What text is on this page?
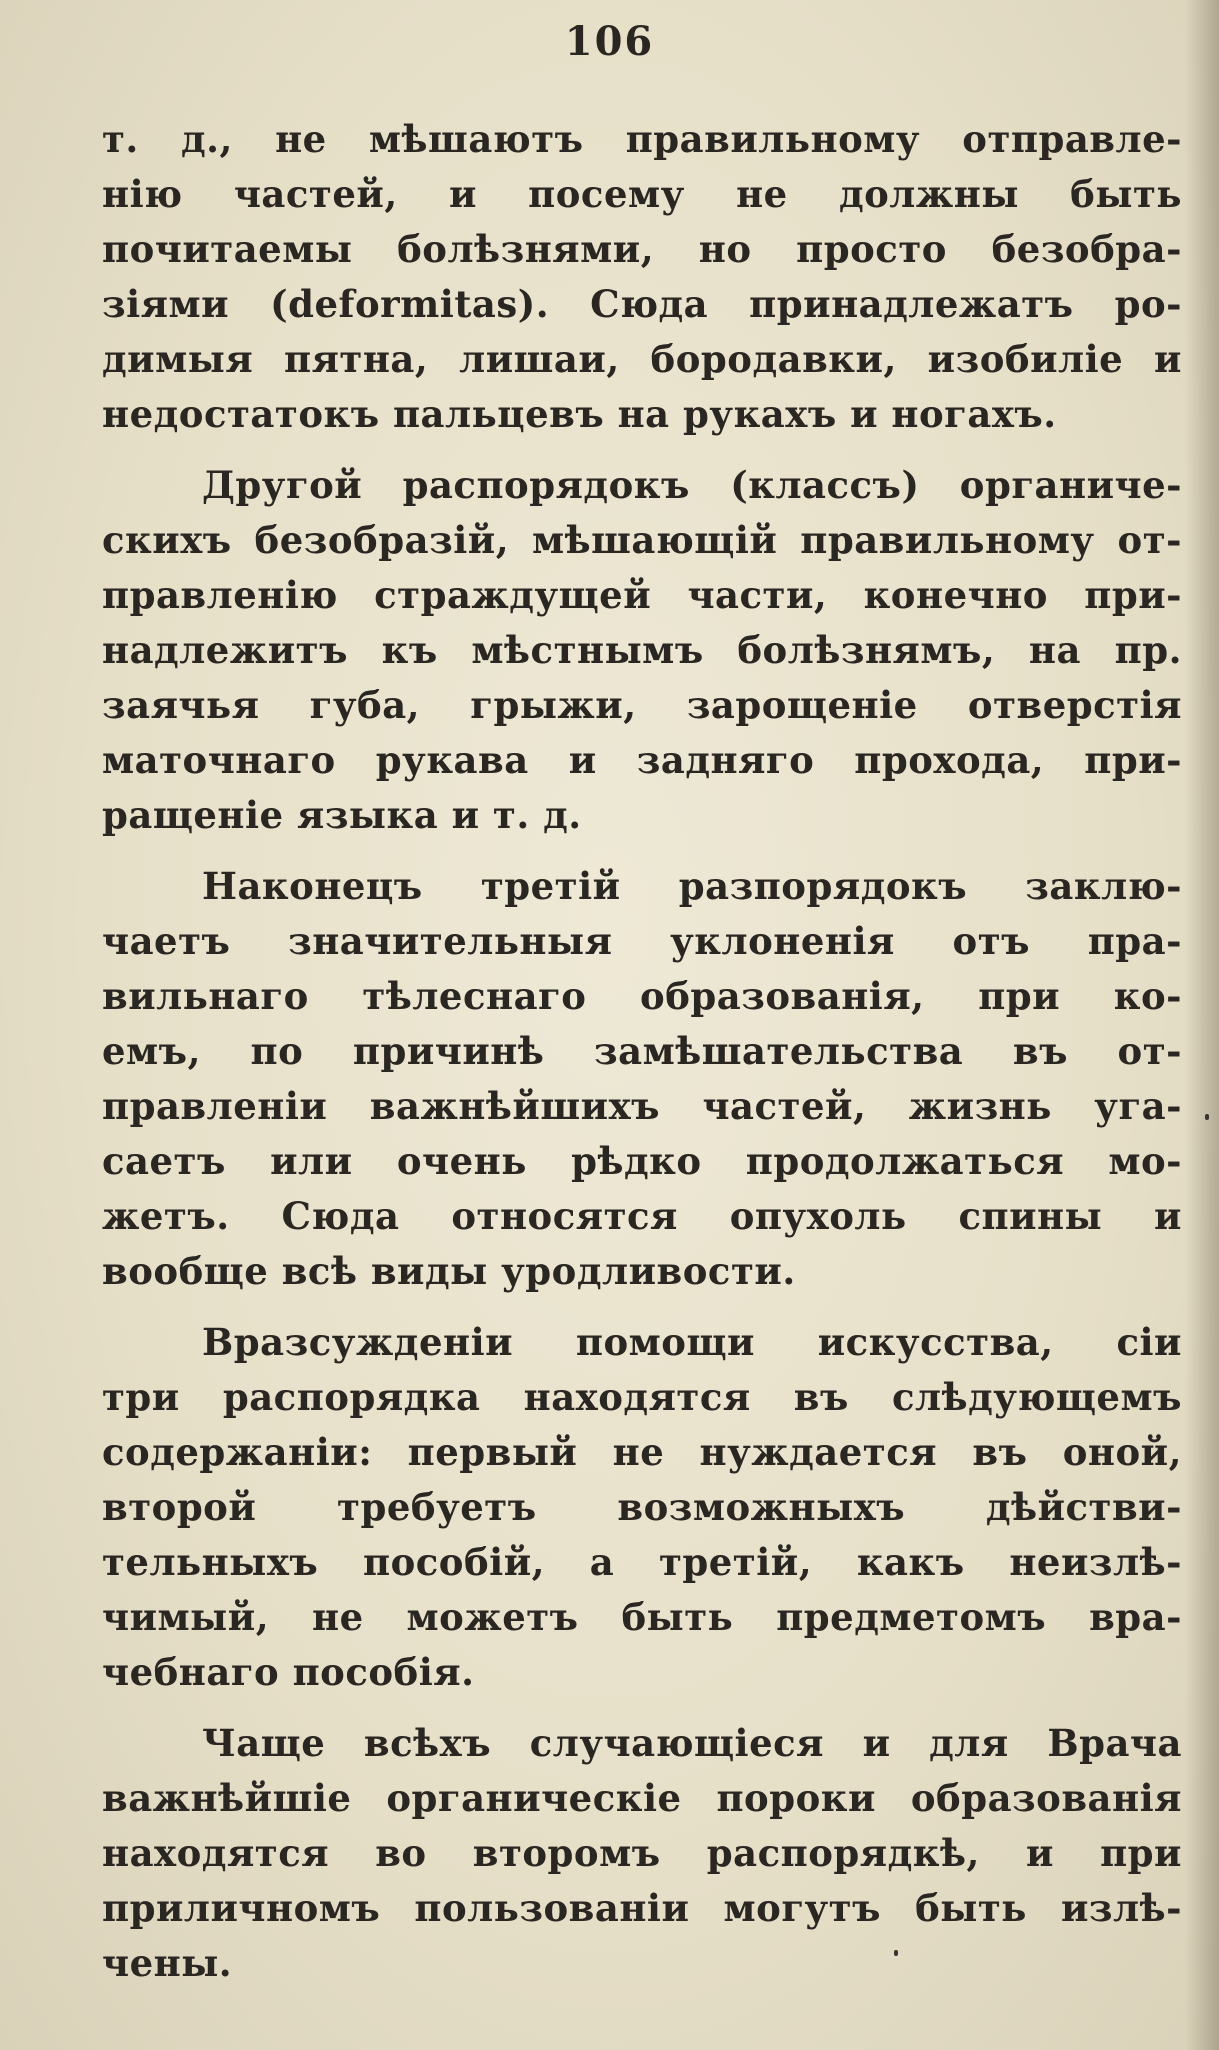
106
т. д., не мѣшаютъ правильному отправле-
нію частей, и посему не должны быть
почитаемы болѣзнями, но просто безобра-
зіями (deformitas). Сюда принадлежатъ ро-
димыя пятна, лишаи, бородавки, изобиліе и
недостатокъ пальцевъ на рукахъ и ногахъ.
Другой распорядокъ (классъ) органиче-
скихъ безобразій, мѣшающій правильному от-
правленію страждущей части, конечно при-
надлежитъ къ мѣстнымъ болѣзнямъ, на пр.
заячья губа, грыжи, зарощеніе отверстія
маточнаго рукава и задняго прохода, при-
ращеніе языка и т. д.
Наконецъ третій разпорядокъ заклю-
чаетъ значительныя уклоненія отъ пра-
вильнаго тѣлеснаго образованія, при ко-
емъ, по причинѣ замѣшательства въ от-
правленіи важнѣйшихъ частей, жизнь уга-
саетъ или очень рѣдко продолжаться мо-
жетъ. Сюда относятся опухоль спины и
вообще всѣ виды уродливости.
Вразсужденіи помощи искусства, сіи
три распорядка находятся въ слѣдующемъ
содержаніи: первый не нуждается въ оной,
второй требуетъ возможныхъ дѣйстви-
тельныхъ пособій, а третій, какъ неизлѣ-
чимый, не можетъ быть предметомъ вра-
чебнаго пособія.
Чаще всѣхъ случающіеся и для Врача
важнѣйшіе органическіе пороки образованія
находятся во второмъ распорядкѣ, и при
приличномъ пользованіи могутъ быть излѣ-
чены.
